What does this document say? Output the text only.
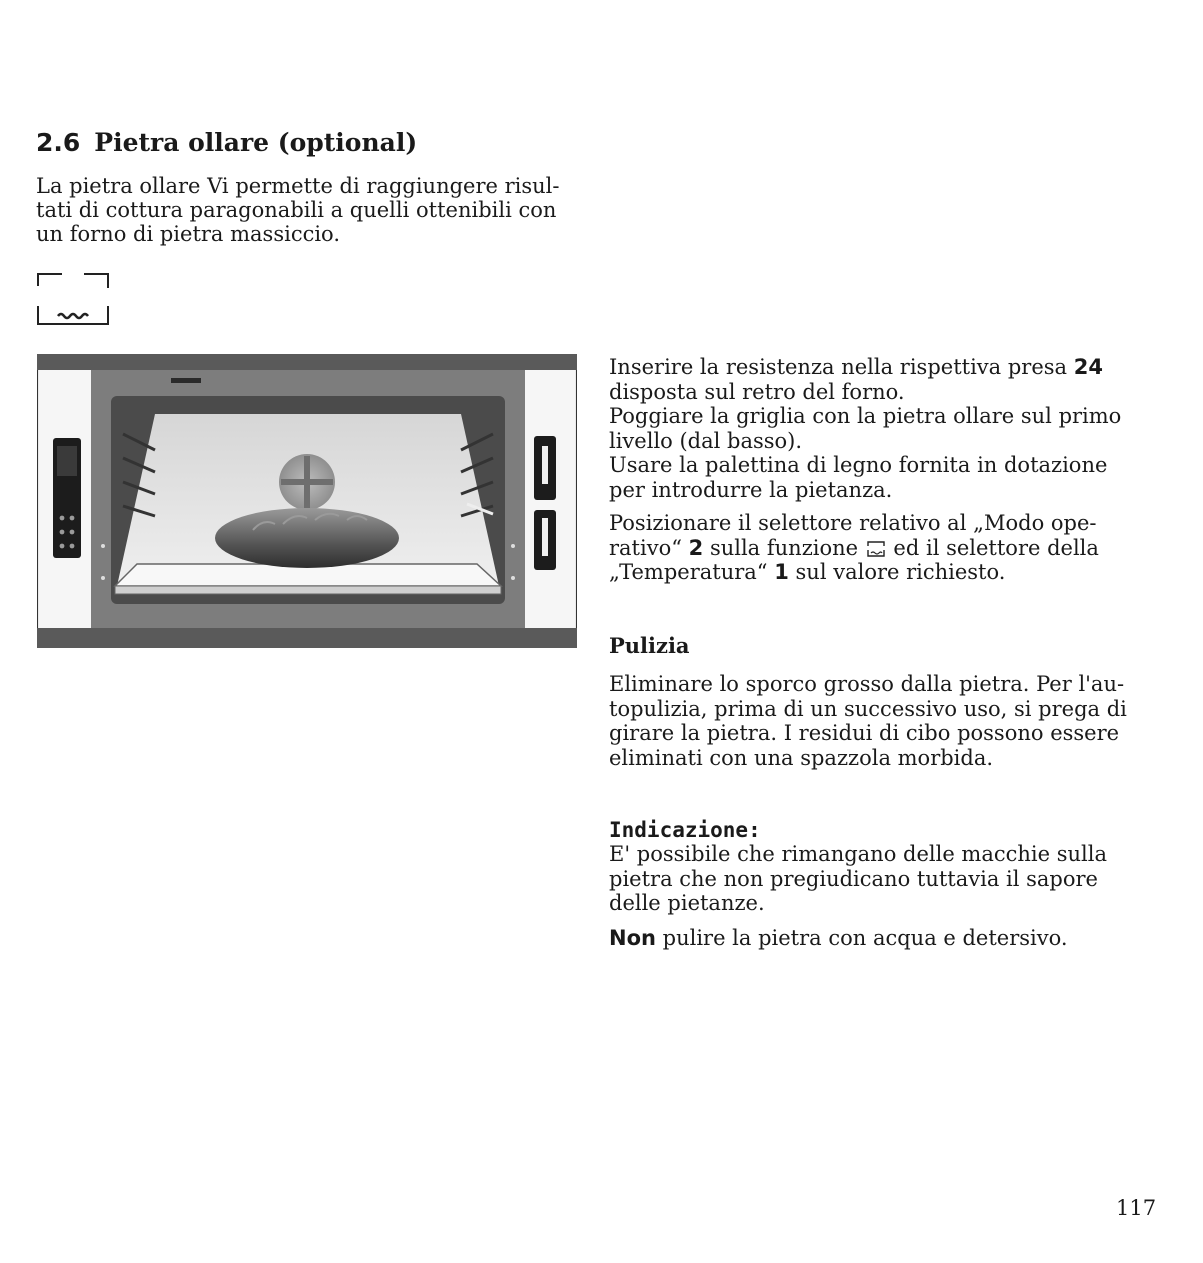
2.6 Pietra ollare (optional)
La pietra ollare Vi permette di raggiungere risul-
tati di cottura paragonabili a quelli ottenibili con
un forno di pietra massiccio.
Inserire la resistenza nella rispettiva presa 24
disposta sul retro del forno.
Poggiare la griglia con la pietra ollare sul primo
livello (dal basso).
Usare la palettina di legno fornita in dotazione
per introdurre la pietanza.
Posizionare il selettore relativo al „Modo ope-
rativo“ 2 sulla funzione  ed il selettore della
„Temperatura“ 1 sul valore richiesto.
Pulizia
Eliminare lo sporco grosso dalla pietra. Per l'au-
topulizia, prima di un successivo uso, si prega di
girare la pietra. I residui di cibo possono essere
eliminati con una spazzola morbida.
Indicazione:
E' possibile che rimangano delle macchie sulla
pietra che non pregiudicano tuttavia il sapore
delle pietanze.
Non pulire la pietra con acqua e detersivo.
117
